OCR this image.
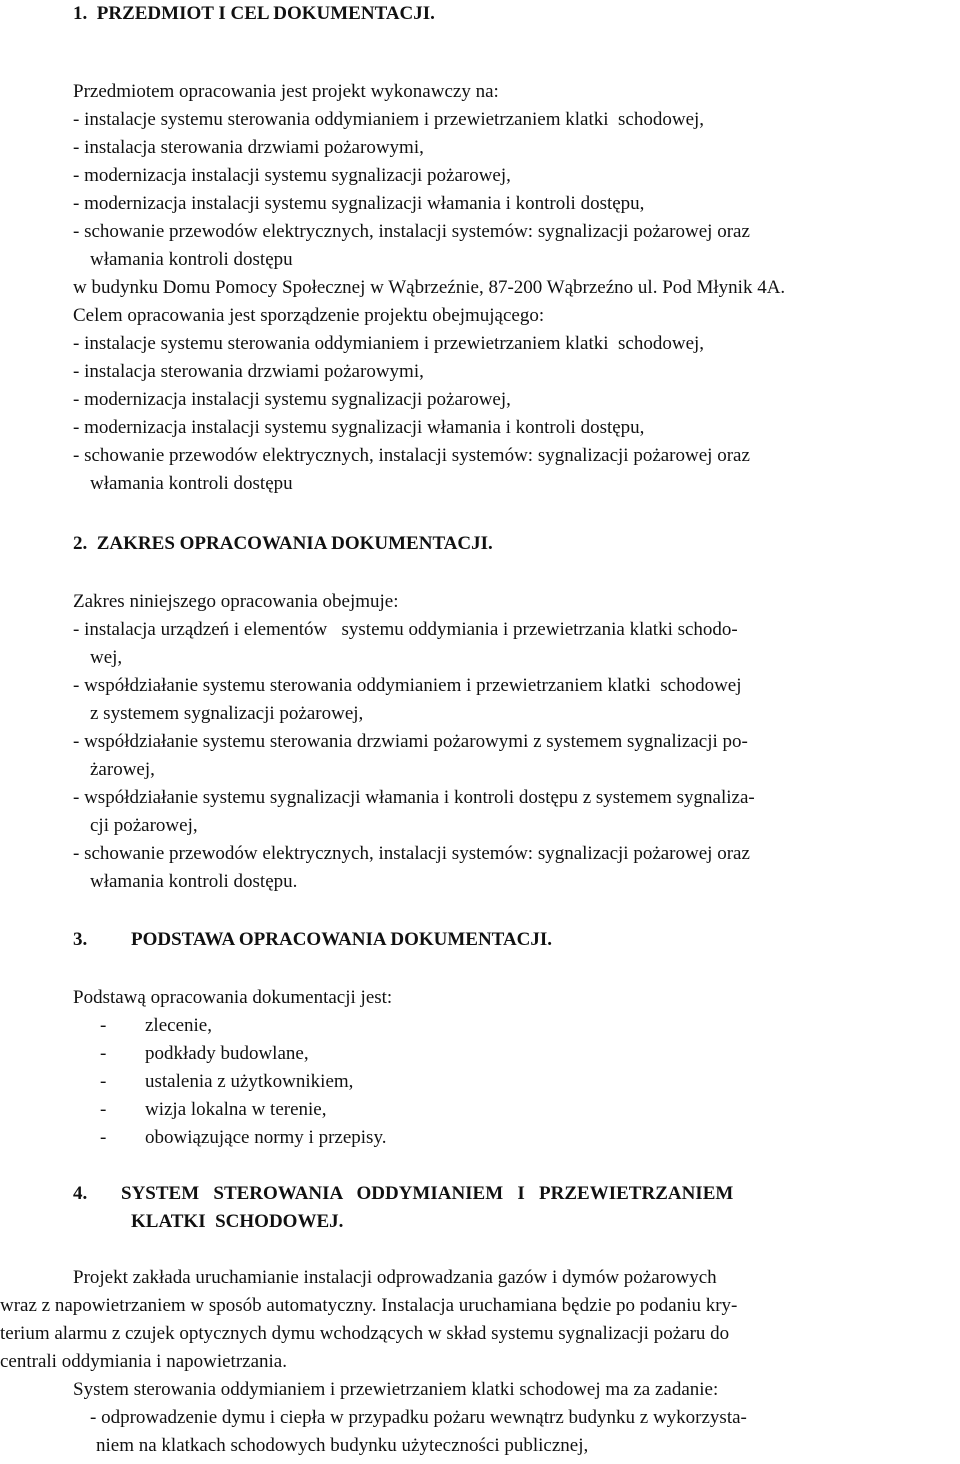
1.  PRZEDMIOT I CEL DOKUMENTACJI.
Przedmiotem opracowania jest projekt wykonawczy na:
- instalacje systemu sterowania oddymianiem i przewietrzaniem klatki  schodowej,
- instalacja sterowania drzwiami pożarowymi,
- modernizacja instalacji systemu sygnalizacji pożarowej,
- modernizacja instalacji systemu sygnalizacji włamania i kontroli dostępu,
- schowanie przewodów elektrycznych, instalacji systemów: sygnalizacji pożarowej oraz
włamania kontroli dostępu
w budynku Domu Pomocy Społecznej w Wąbrzeźnie, 87-200 Wąbrzeźno ul. Pod Młynik 4A.
Celem opracowania jest sporządzenie projektu obejmującego:
- instalacje systemu sterowania oddymianiem i przewietrzaniem klatki  schodowej,
- instalacja sterowania drzwiami pożarowymi,
- modernizacja instalacji systemu sygnalizacji pożarowej,
- modernizacja instalacji systemu sygnalizacji włamania i kontroli dostępu,
- schowanie przewodów elektrycznych, instalacji systemów: sygnalizacji pożarowej oraz
włamania kontroli dostępu
2.  ZAKRES OPRACOWANIA DOKUMENTACJI.
Zakres niniejszego opracowania obejmuje:
- instalacja urządzeń i elementów   systemu oddymiania i przewietrzania klatki schodo-
wej,
- współdziałanie systemu sterowania oddymianiem i przewietrzaniem klatki  schodowej
z systemem sygnalizacji pożarowej,
- współdziałanie systemu sterowania drzwiami pożarowymi z systemem sygnalizacji po-
żarowej,
- współdziałanie systemu sygnalizacji włamania i kontroli dostępu z systemem sygnaliza-
cji pożarowej,
- schowanie przewodów elektrycznych, instalacji systemów: sygnalizacji pożarowej oraz
włamania kontroli dostępu.
3. PODSTAWA OPRACOWANIA DOKUMENTACJI.
Podstawą opracowania dokumentacji jest:
- zlecenie,
- podkłady budowlane,
- ustalenia z użytkownikiem,
- wizja lokalna w terenie,
- obowiązujące normy i przepisy.
4. SYSTEM   STEROWANIA   ODDYMIANIEM   I   PRZEWIETRZANIEM
KLATKI  SCHODOWEJ.
Projekt zakłada uruchamianie instalacji odprowadzania gazów i dymów pożarowych
wraz z napowietrzaniem w sposób automatyczny. Instalacja uruchamiana będzie po podaniu kry-
terium alarmu z czujek optycznych dymu wchodzących w skład systemu sygnalizacji pożaru do
centrali oddymiania i napowietrzania.
System sterowania oddymianiem i przewietrzaniem klatki schodowej ma za zadanie:
- odprowadzenie dymu i ciepła w przypadku pożaru wewnątrz budynku z wykorzysta-
niem na klatkach schodowych budynku użyteczności publicznej,
